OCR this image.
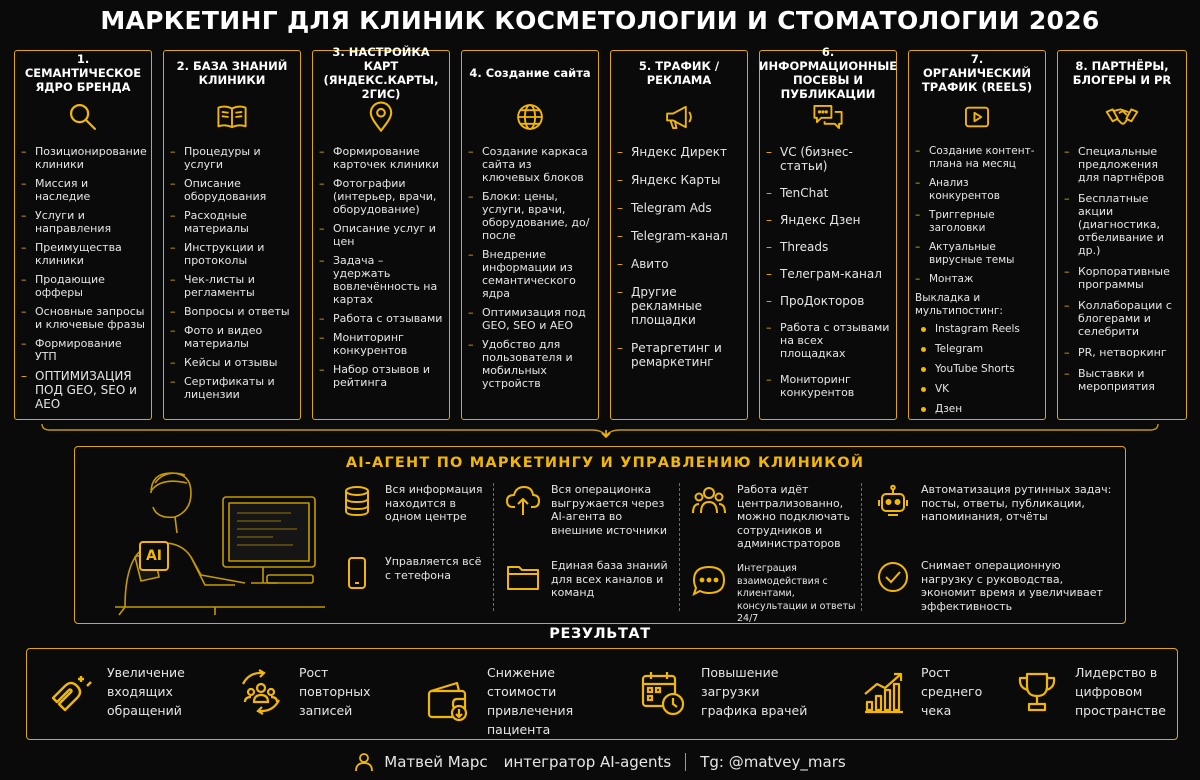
МАРКЕТИНГ ДЛЯ КЛИНИК КОСМЕТОЛОГИИ И СТОМАТОЛОГИИ 2026
1. СЕМАНТИЧЕСКОЕ ЯДРО БРЕНДА
– Позиционирование клиники
– Миссия и наследие
– Услуги и направления
– Преимущества клиники
– Продающие офферы
– Основные запросы и ключевые фразы
– Формирование УТП
– ОПТИМИЗАЦИЯ ПОД GEO, SEO и AEO
2. БАЗА ЗНАНИЙ КЛИНИКИ
– Процедуры и услуги
– Описание оборудования
– Расходные материалы
– Инструкции и протоколы
– Чек-листы и регламенты
– Вопросы и ответы
– Фото и видео материалы
– Кейсы и отзывы
– Сертификаты и лицензии
3. НАСТРОЙКА КАРТ (ЯНДЕКС.КАРТЫ, 2ГИС)
– Формирование карточек клиники
– Фотографии (интерьер, врачи, оборудование)
– Описание услуг и цен
– Задача – удержать вовлечённость на картах
– Работа с отзывами
– Мониторинг конкурентов
– Набор отзывов и рейтинга
4. Создание сайта
– Создание каркаса сайта из ключевых блоков
– Блоки: цены, услуги, врачи, оборудование, до/после
– Внедрение информации из семантического ядра
– Оптимизация под GEO, SEO и AEO
– Удобство для пользователя и мобильных устройств
5. ТРАФИК / РЕКЛАМА
– Яндекс Директ
– Яндекс Карты
– Telegram Ads
– Telegram-канал
– Авито
– Другие рекламные площадки
– Ретаргетинг и ремаркетинг
6. ИНФОРМАЦИОННЫЕ ПОСЕВЫ И ПУБЛИКАЦИИ
– VC (бизнес-статьи)
– TenChat
– Яндекс Дзен
– Threads
– Телеграм-канал
– ПроДокторов
– Работа с отзывами на всех площадках
– Мониторинг конкурентов
7. ОРГАНИЧЕСКИЙ ТРАФИК (REELS)
– Создание контент-плана на месяц
– Анализ конкурентов
– Триггерные заголовки
– Актуальные вирусные темы
– Монтаж
Выкладка и мультипостинг:
Instagram Reels
Telegram
YouTube Shorts
VK
Дзен
8. ПАРТНЁРЫ, БЛОГЕРЫ И PR
– Специальные предложения для партнёров
– Бесплатные акции (диагностика, отбеливание и др.)
– Корпоративные программы
– Коллаборации с блогерами и селебрити
– PR, нетворкинг
– Выставки и мероприятия
AI-АГЕНТ ПО МАРКЕТИНГУ И УПРАВЛЕНИЮ КЛИНИКОЙ
AI
Вся информация находится в одном центре
Управляется всё с тетефона
Вся операционка выгружается через AI-агента во внешние источники
Единая база знаний для всех каналов и команд
Работа идёт централизованно, можно подключать сотрудников и администраторов
Интеграция взаимодействия с клиентами, консультации и ответы 24/7
Автоматизация рутинных задач: посты, ответы, публикации, напоминания, отчёты
Снимает операционную нагрузку с руководства, экономит время и увеличивает эффективность
РЕЗУЛЬТАТ
Увеличение входящих обращений
Рост повторных записей
Снижение стоимости привлечения пациента
Повышение загрузки графика врачей
Рост среднего чека
Лидерство в цифровом пространстве
Матвей Марс интегратор AI-agents Tg: @matvey_mars
